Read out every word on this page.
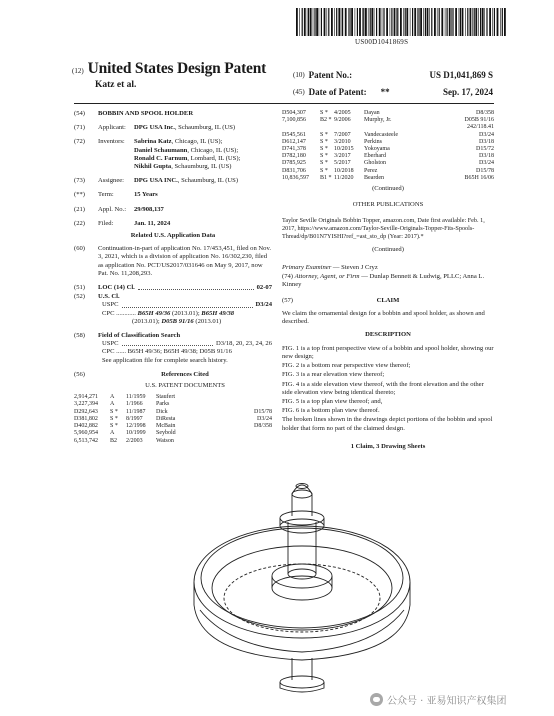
US00D1041869S
(12) United States Design Patent
Katz et al.
(10) Patent No.:	US D1,041,869 S
(45) Date of Patent: **	Sep. 17, 2024
(54)	BOBBIN AND SPOOL HOLDER
(71)	Applicant: DPG USA Inc., Schaumburg, IL (US)
(72)	Inventors:	Sabrina Katz, Chicago, IL (US);
Daniel Schaumann, Chicago, IL (US);
Ronald C. Farnum, Lombard, IL (US);
Nikhil Gupta, Schaumburg, IL (US)
(73)	Assignee: DPG USA INC., Schaumburg, IL (US)
(**)	Term:	15 Years
(21)	Appl. No.: 29/908,137
(22)	Filed:	Jan. 11, 2024
Related U.S. Application Data
(60)	Continuation-in-part of application No. 17/453,451, filed on Nov. 3, 2021, which is a division of application No. 16/302,230, filed as application No. PCT/US2017/031646 on May 9, 2017, now Pat. No. 11,208,293.
(51)	LOC (14) Cl.	02-07
(52)	U.S. Cl.
USPC	D3/24
CPC ............ B65H 49/36 (2013.01); B65H 49/38
(2013.01); D05B 91/16 (2013.01)
(58)	Field of Classification Search
USPC	D3/18, 20, 23, 24, 26
CPC ...... B65H 49/36; B65H 49/38; D05B 91/16
See application file for complete search history.
(56)	References Cited
U.S. PATENT DOCUMENTS
2,914,271	A	11/1959	Staufert
3,227,394	A	1/1966	Parks
D292,643	S *	11/1987	Dick	D15/78
D381,802	S *	8/1997	DiResta	D3/24
D402,882	S *	12/1998	McBain	D8/358
5,960,954	A	10/1999	Seybold
6,513,742	B2	2/2003	Watson
D504,307	S *	4/2005	Dayan	D8/358
7,100,856	B2 * 9/2006	Murphy, Jr.	D05B 91/16
242/118.41
D545,561	S *	7/2007	Vandecasteele	D3/24
D612,147	S *	3/2010	Perkins	D3/18
D741,378	S *	10/2015	Yokoyama	D15/72
D782,180	S *	3/2017	Eberhard	D3/18
D785,925	S *	5/2017	Gholston	D3/24
D831,706	S *	10/2018	Perez	D15/78
10,836,597	B1 * 11/2020	Bearden	B65H 16/06
(Continued)
OTHER PUBLICATIONS
Taylor Seville Originals Bobbin Topper, amazon.com, Date first available: Feb. 1, 2017, https://www.amazon.com/Taylor-Seville-Originals-Topper-Fits-Spools-Thread/dp/B01N7YISHI?ref_=ast_sto_dp (Year: 2017).*
(Continued)
Primary Examiner — Steven J Cryz
(74) Attorney, Agent, or Firm — Dunlap Bennett & Ludwig, PLLC; Anna L. Kinney
(57)	CLAIM
We claim the ornamental design for a bobbin and spool holder, as shown and described.
DESCRIPTION
FIG. 1 is a top front perspective view of a bobbin and spool holder, showing our new design;
FIG. 2 is a bottom rear perspective view thereof;
FIG. 3 is a rear elevation view thereof;
FIG. 4 is a side elevation view thereof, with the front elevation and the other side elevation view being identical thereto;
FIG. 5 is a top plan view thereof; and,
FIG. 6 is a bottom plan view thereof.
The broken lines shown in the drawings depict portions of the bobbin and spool holder that form no part of the claimed design.
1 Claim, 3 Drawing Sheets
公众号 · 亚易知识产权集团
